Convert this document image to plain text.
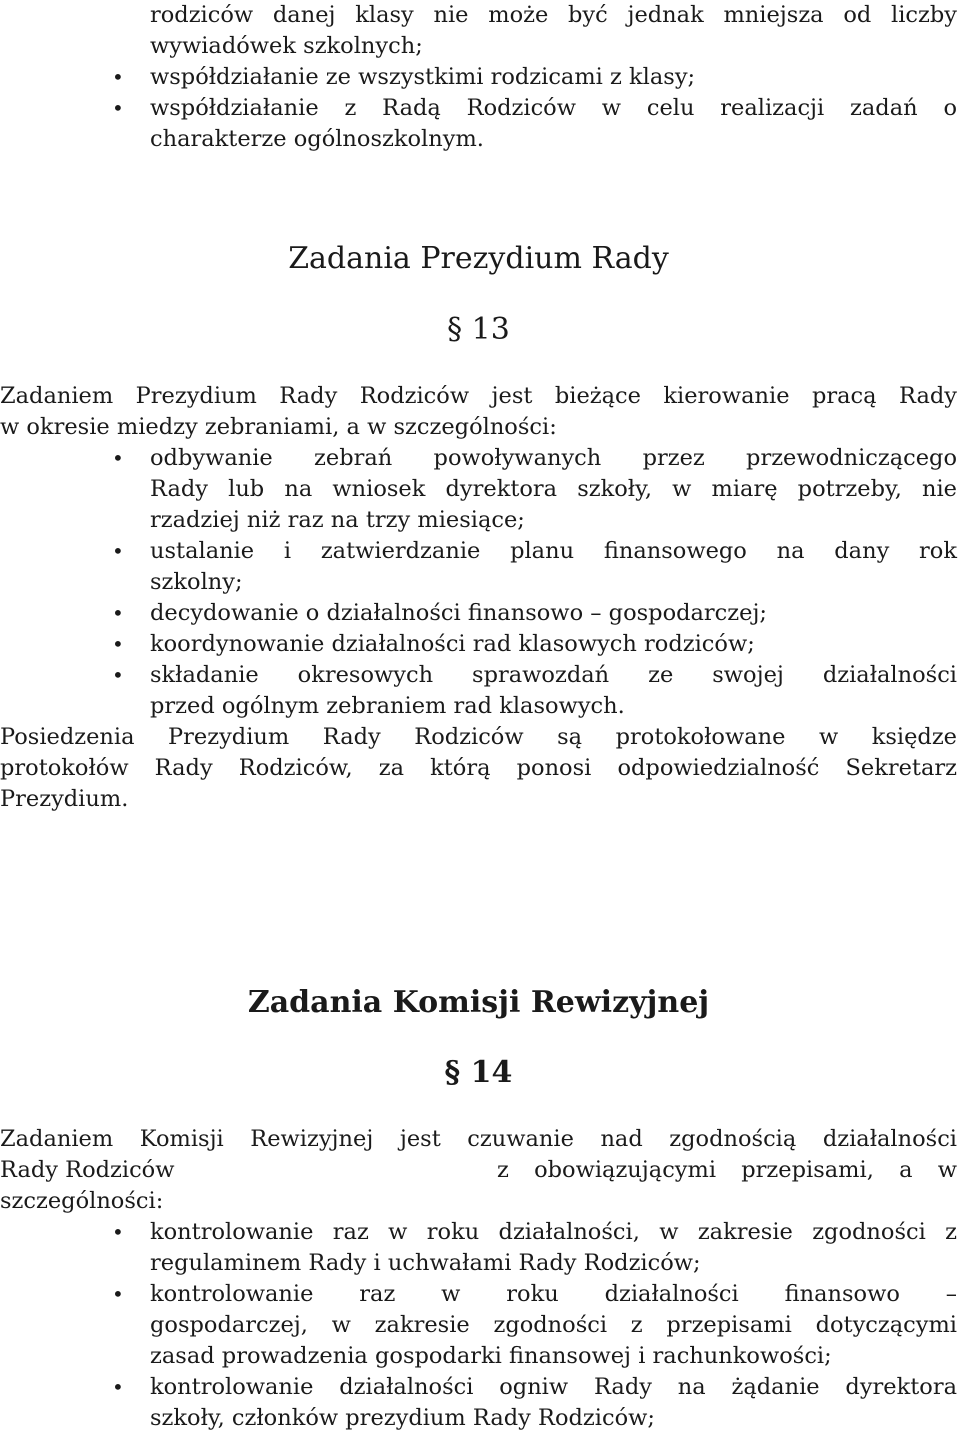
rodziców danej klasy nie może być jednak mniejsza od liczby
wywiadówek szkolnych;
•	współdziałanie ze wszystkimi rodzicami z klasy;
•	współdziałanie z Radą Rodziców w celu realizacji zadań o
charakterze ogólnoszkolnym.
Zadania Prezydium Rady
§ 13
Zadaniem Prezydium Rady Rodziców jest bieżące kierowanie pracą Rady
w okresie miedzy zebraniami, a w szczególności:
•	odbywanie zebrań powoływanych przez przewodniczącego
Rady lub na wniosek dyrektora szkoły, w miarę potrzeby, nie
rzadziej niż raz na trzy miesiące;
•	ustalanie i zatwierdzanie planu finansowego na dany rok
szkolny;
•	decydowanie o działalności finansowo – gospodarczej;
•	koordynowanie działalności rad klasowych rodziców;
•	składanie okresowych sprawozdań ze swojej działalności
przed ogólnym zebraniem rad klasowych.
Posiedzenia Prezydium Rady Rodziców są protokołowane w księdze
protokołów Rady Rodziców, za którą ponosi odpowiedzialność Sekretarz
Prezydium.
Zadania Komisji Rewizyjnej
§ 14
Zadaniem Komisji Rewizyjnej jest czuwanie nad zgodnością działalności
Rady Rodziców	z obowiązującymi przepisami, a w
szczególności:
•	kontrolowanie raz w roku działalności, w zakresie zgodności z
regulaminem Rady i uchwałami Rady Rodziców;
•	kontrolowanie raz w roku działalności finansowo –
gospodarczej, w zakresie zgodności z przepisami dotyczącymi
zasad prowadzenia gospodarki finansowej i rachunkowości;
•	kontrolowanie działalności ogniw Rady na żądanie dyrektora
szkoły, członków prezydium Rady Rodziców;
